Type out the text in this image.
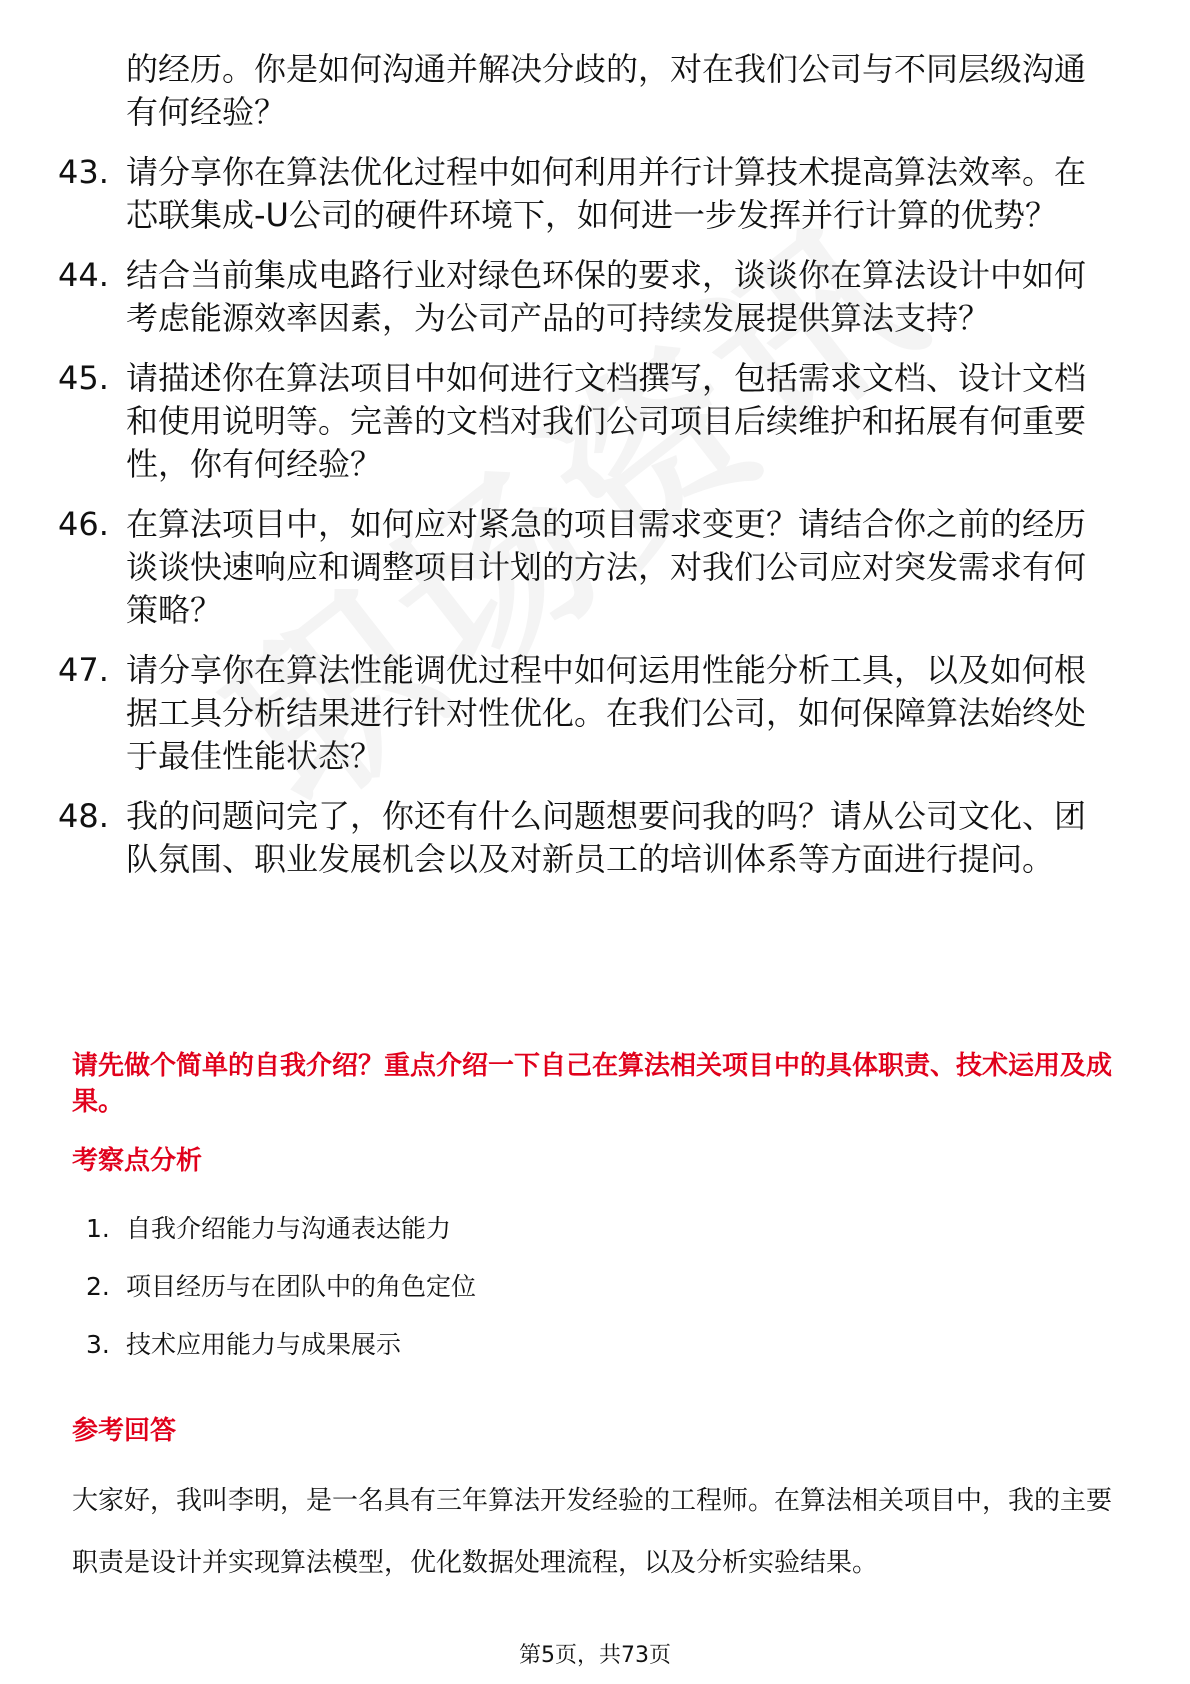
的经历。你是如何沟通并解决分歧的，对在我们公司与不同层级沟通有何经验？
43. 请分享你在算法优化过程中如何利用并行计算技术提高算法效率。在芯联集成-U公司的硬件环境下，如何进一步发挥并行计算的优势？
44. 结合当前集成电路行业对绿色环保的要求，谈谈你在算法设计中如何考虑能源效率因素，为公司产品的可持续发展提供算法支持？
45. 请描述你在算法项目中如何进行文档撰写，包括需求文档、设计文档和使用说明等。完善的文档对我们公司项目后续维护和拓展有何重要性，你有何经验？
46. 在算法项目中，如何应对紧急的项目需求变更？请结合你之前的经历谈谈快速响应和调整项目计划的方法，对我们公司应对突发需求有何策略？
47. 请分享你在算法性能调优过程中如何运用性能分析工具，以及如何根据工具分析结果进行针对性优化。在我们公司，如何保障算法始终处于最佳性能状态？
48. 我的问题问完了，你还有什么问题想要问我的吗？请从公司文化、团队氛围、职业发展机会以及对新员工的培训体系等方面进行提问。
请先做个简单的自我介绍？重点介绍一下自己在算法相关项目中的具体职责、技术运用及成果。
考察点分析
1. 自我介绍能力与沟通表达能力
2. 项目经历与在团队中的角色定位
3. 技术应用能力与成果展示
参考回答
大家好，我叫李明，是一名具有三年算法开发经验的工程师。在算法相关项目中，我的主要职责是设计并实现算法模型，优化数据处理流程，以及分析实验结果。
第5页，共73页
